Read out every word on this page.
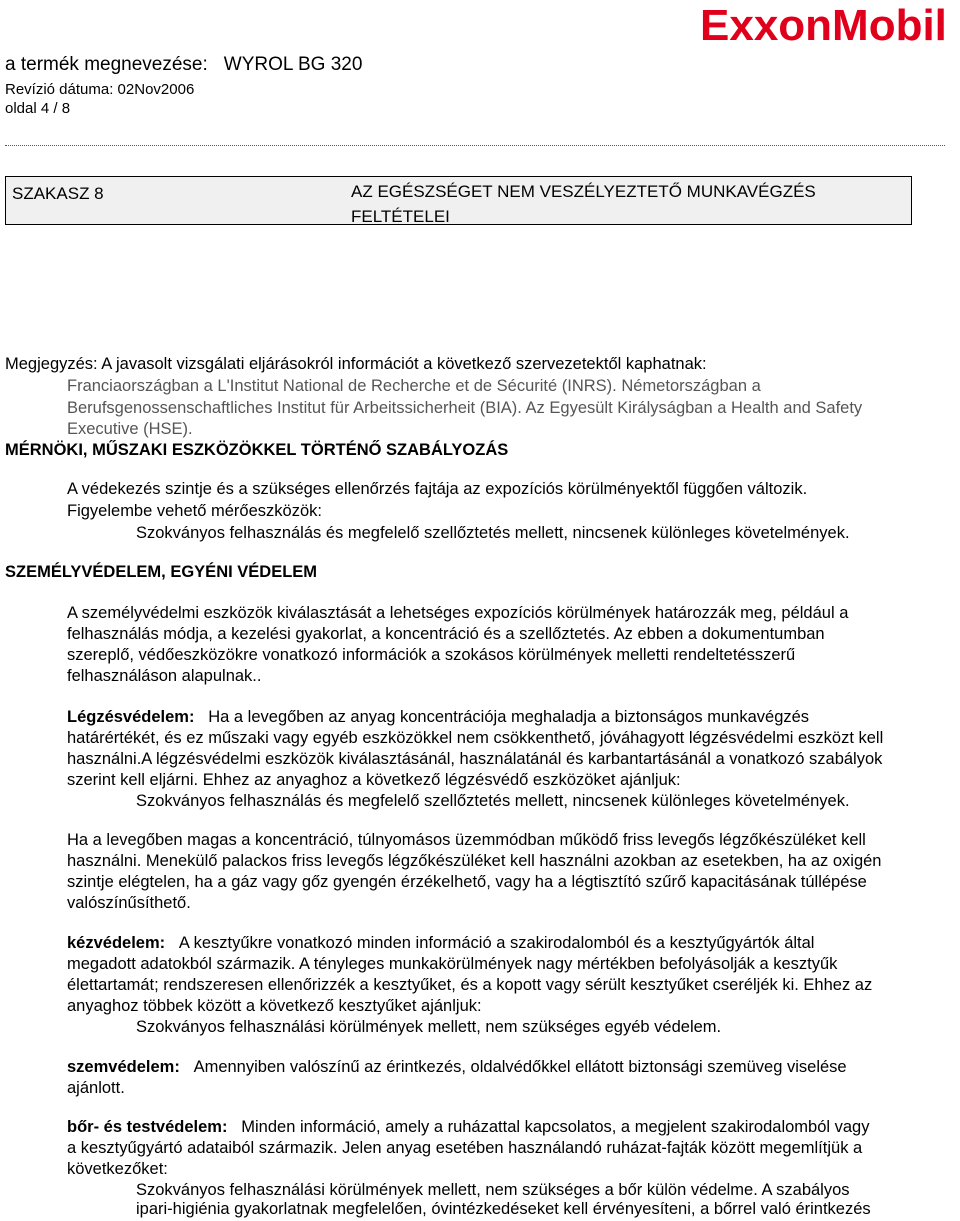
a termék megnevezése: WYROL BG 320
Revízió dátuma: 02Nov2006
oldal 4 / 8
ExxonMobil
SZAKASZ 8	AZ EGÉSZSÉGET NEM VESZÉLYEZTETŐ MUNKAVÉGZÉS FELTÉTELEI
Megjegyzés: A javasolt vizsgálati eljárásokról információt a következő szervezetektől kaphatnak:
Franciaországban a L'Institut National de Recherche et de Sécurité (INRS). Németországban a
Berufsgenossenschaftliches Institut für Arbeitssicherheit (BIA). Az Egyesült Királyságban a Health and Safety
Executive (HSE).
MÉRNÖKI, MŰSZAKI ESZKÖZÖKKEL TÖRTÉNŐ SZABÁLYOZÁS
A védekezés szintje és a szükséges ellenőrzés fajtája az expozíciós körülményektől függően változik.
Figyelembe vehető mérőeszközök:
Szokványos felhasználás és megfelelő szellőztetés mellett, nincsenek különleges követelmények.
SZEMÉLYVÉDELEM, EGYÉNI VÉDELEM
A személyvédelmi eszközök kiválasztását a lehetséges expozíciós körülmények határozzák meg, például a
felhasználás módja, a kezelési gyakorlat, a koncentráció és a szellőztetés. Az ebben a dokumentumban
szereplő, védőeszközökre vonatkozó információk a szokásos körülmények melletti rendeltetésszerű
felhasználáson alapulnak..
Légzésvédelem: Ha a levegőben az anyag koncentrációja meghaladja a biztonságos munkavégzés
határértékét, és ez műszaki vagy egyéb eszközökkel nem csökkenthető, jóváhagyott légzésvédelmi eszközt kell
használni.A légzésvédelmi eszközök kiválasztásánál, használatánál és karbantartásánál a vonatkozó szabályok
szerint kell eljárni. Ehhez az anyaghoz a következő légzésvédő eszközöket ajánljuk:
Szokványos felhasználás és megfelelő szellőztetés mellett, nincsenek különleges követelmények.
Ha a levegőben magas a koncentráció, túlnyomásos üzemmódban működő friss levegős légzőkészüléket kell
használni. Menekülő palackos friss levegős légzőkészüléket kell használni azokban az esetekben, ha az oxigén
szintje elégtelen, ha a gáz vagy gőz gyengén érzékelhető, vagy ha a légtisztító szűrő kapacitásának túllépése
valószínűsíthető.
kézvédelem: A kesztyűkre vonatkozó minden információ a szakirodalomból és a kesztyűgyártók által
megadott adatokból származik. A tényleges munkakörülmények nagy mértékben befolyásolják a kesztyűk
élettartamát; rendszeresen ellenőrizzék a kesztyűket, és a kopott vagy sérült kesztyűket cseréljék ki. Ehhez az
anyaghoz többek között a következő kesztyűket ajánljuk:
Szokványos felhasználási körülmények mellett, nem szükséges egyéb védelem.
szemvédelem: Amennyiben valószínű az érintkezés, oldalvédőkkel ellátott biztonsági szemüveg viselése
ajánlott.
bőr- és testvédelem: Minden információ, amely a ruházattal kapcsolatos, a megjelent szakirodalomból vagy
a kesztyűgyártó adataiból származik. Jelen anyag esetében használandó ruházat-fajták között megemlítjük a
következőket:
Szokványos felhasználási körülmények mellett, nem szükséges a bőr külön védelme. A szabályos
ipari-higiénia gyakorlatnak megfelelően, óvintézkedéseket kell érvényesíteni, a bőrrel való érintkezés
